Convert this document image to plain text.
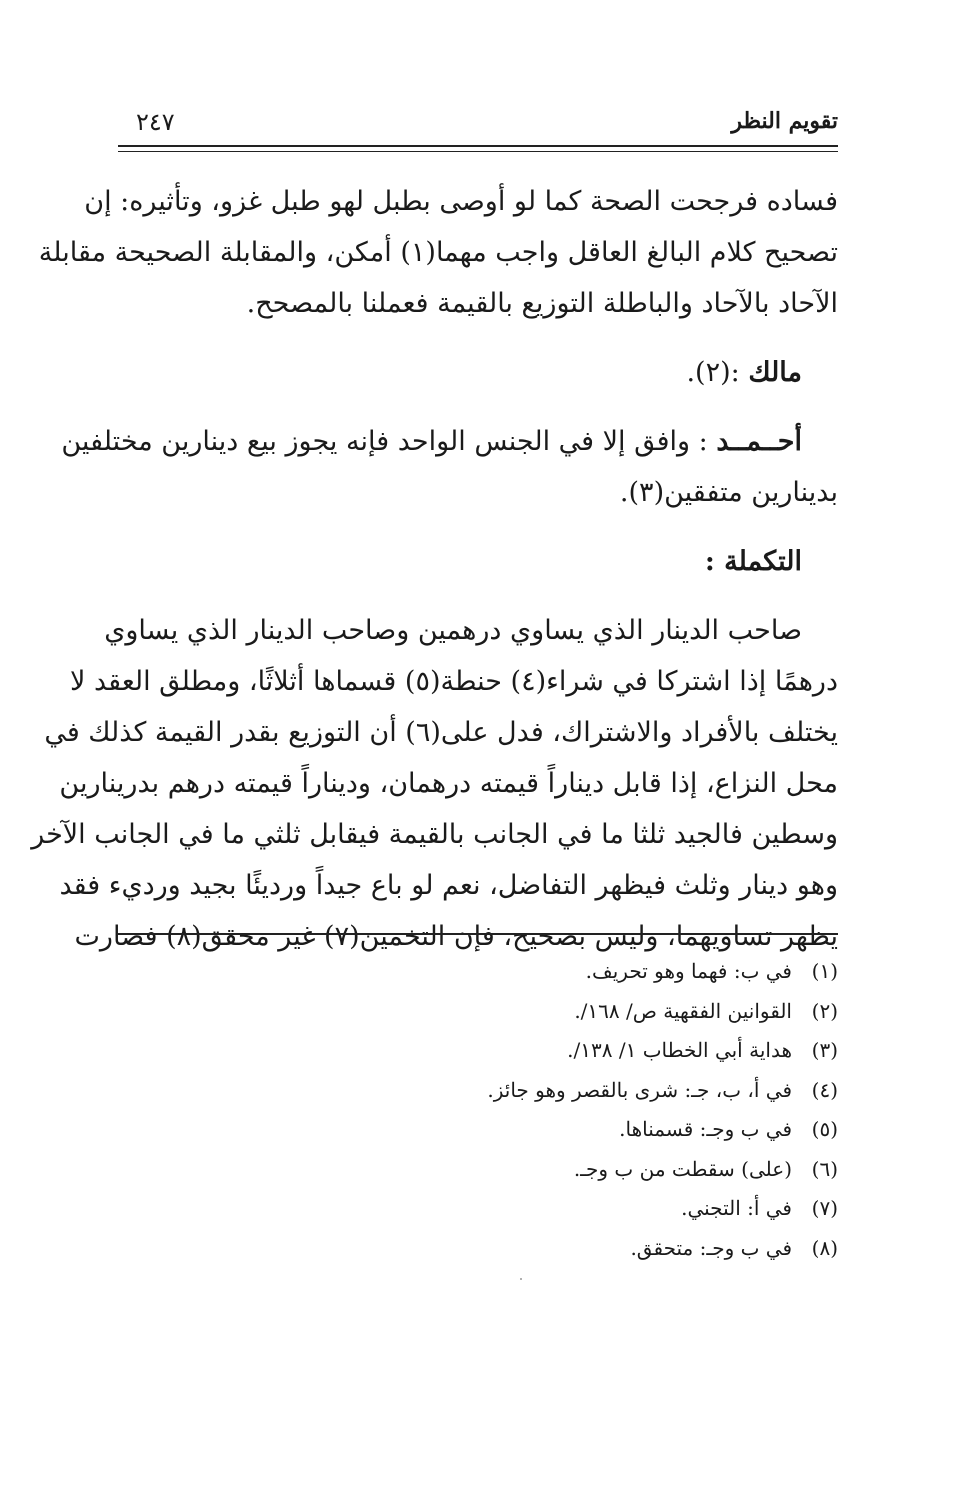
تقويم النظر
٢٤٧
فساده فرجحت الصحة كما لو أوصى بطبل لهو طبل غزو، وتأثيره: إن
تصحيح كلام البالغ العاقل واجب مهما(١) أمكن، والمقابلة الصحيحة مقابلة
الآحاد بالآحاد والباطلة التوزيع بالقيمة فعملنا بالمصحح.
مالك :(٢).
أحــمــد : وافق إلا في الجنس الواحد فإنه يجوز بيع دينارين مختلفين
بدينارين متفقين(٣).
التكملة :
صاحب الدينار الذي يساوي درهمين وصاحب الدينار الذي يساوي
درهمًا إذا اشتركا في شراء(٤) حنطة(٥) قسماها أثلاثًا، ومطلق العقد لا
يختلف بالأفراد والاشتراك، فدل على(٦) أن التوزيع بقدر القيمة كذلك في
محل النزاع، إذا قابل ديناراً قيمته درهمان، وديناراً قيمته درهم بدرينارين
وسطين فالجيد ثلثا ما في الجانب بالقيمة فيقابل ثلثي ما في الجانب الآخر
وهو دينار وثلث فيظهر التفاضل، نعم لو باع جيداً ورديئًا بجيد ورديء فقد
يظهر تساويهما، وليس بصحيح، فإن التخمين(٧) غير محقق(٨) فصارت
(١)في ب: فهما وهو تحريف.
(٢)القوانين الفقهية ص/ ١٦٨/.
(٣)هداية أبي الخطاب ١/ ١٣٨/.
(٤)في أ، ب، جـ: شرى بالقصر وهو جائز.
(٥)في ب وجـ: قسمناها.
(٦)(على) سقطت من ب وجـ.
(٧)في أ: التجني.
(٨)في ب وجـ: متحقق.
